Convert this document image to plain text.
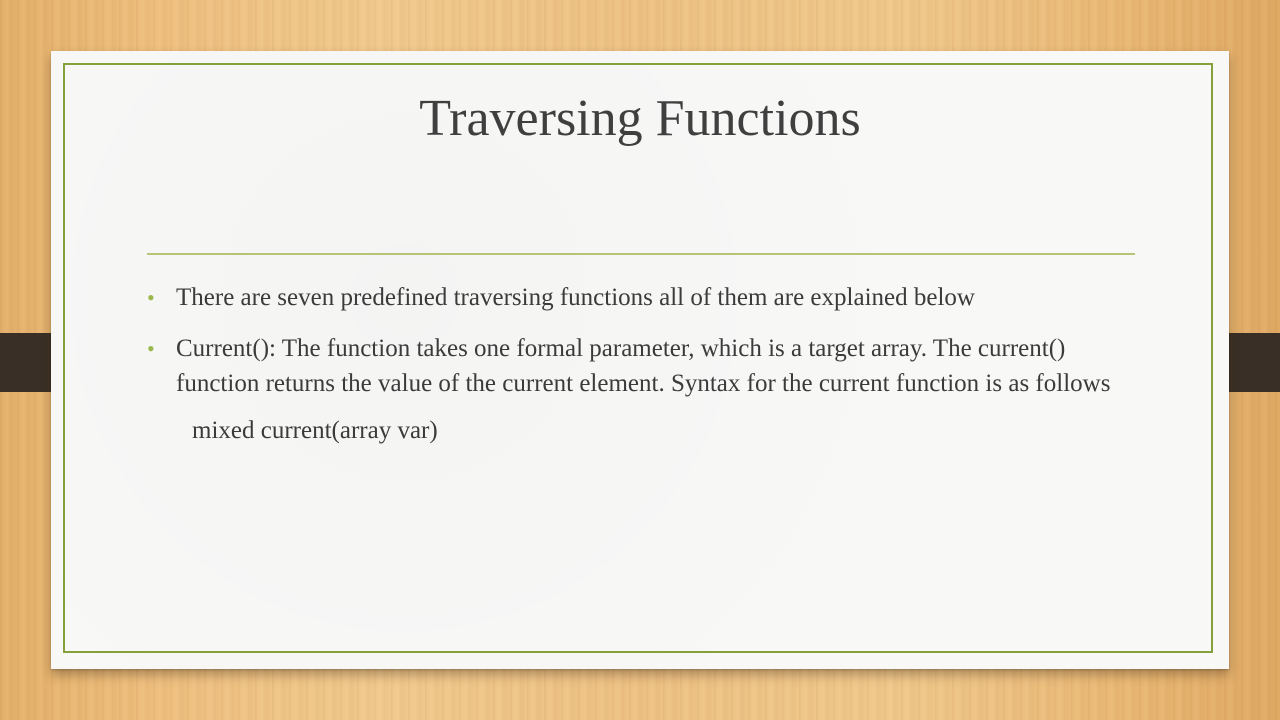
Traversing Functions
• There are seven predefined traversing functions all of them are explained below
• Current(): The function takes one formal parameter, which is a target array. The current() function returns the value of the current element. Syntax for the current function is as follows
mixed current(array var)
